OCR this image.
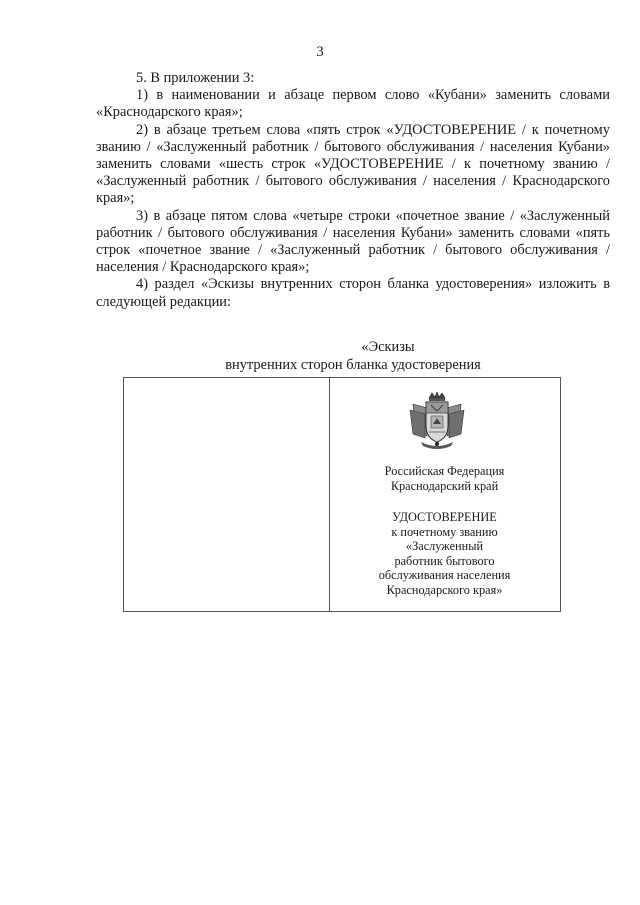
3

5. В приложении 3:

1) в наименовании и абзаце первом слово «Кубани» заменить словами «Краснодарского края»;

2) в абзаце третьем слова «пять строк «УДОСТОВЕРЕНИЕ / к почетному званию / «Заслуженный работник / бытового обслуживания / населения Кубани» заменить словами «шесть строк «УДОСТОВЕРЕНИЕ / к почетному званию / «Заслуженный работник / бытового обслуживания / населения / Краснодарского края»;

3) в абзаце пятом слова «четыре строки «почетное звание / «Заслуженный работник / бытового обслуживания / населения Кубани» заменить словами «пять строк «почетное звание / «Заслуженный работник / бытового обслуживания / населения / Краснодарского края»;

4) раздел «Эскизы внутренних сторон бланка удостоверения» изложить в следующей редакции:

«Эскизы
внутренних сторон бланка удостоверения
Российская Федерация
Краснодарский край
УДОСТОВЕРЕНИЕ
к почетному званию
«Заслуженный
работник бытового
обслуживания населения
Краснодарского края»
